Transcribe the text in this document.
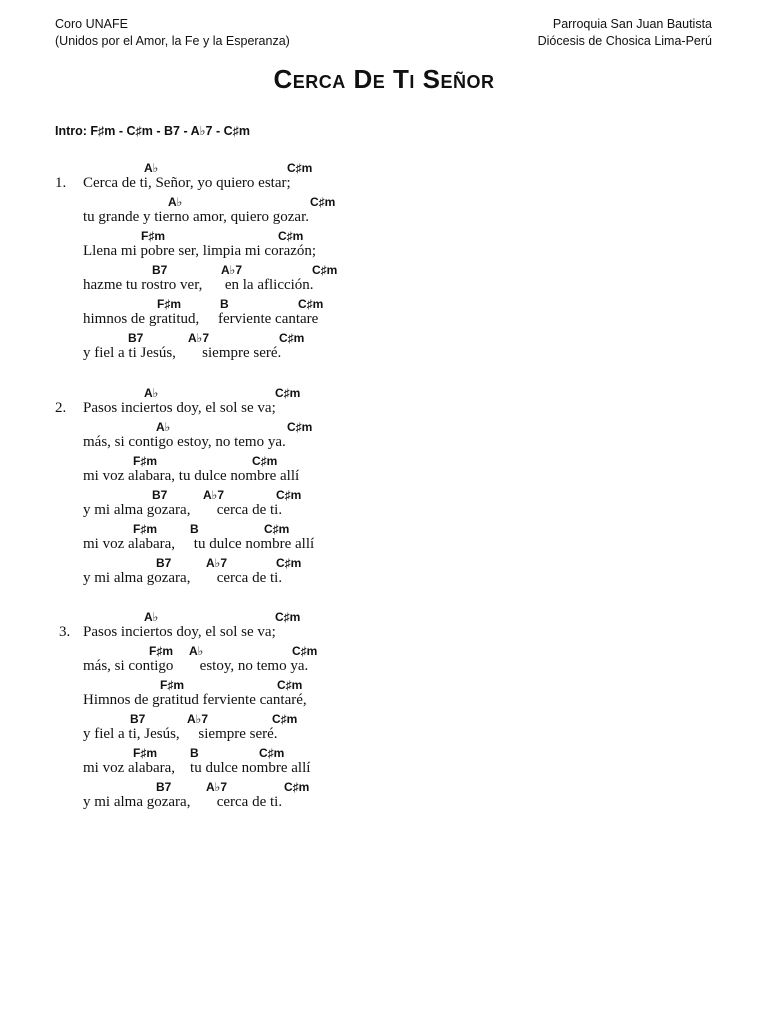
Coro UNAFE
(Unidos por el Amor, la Fe y la Esperanza)
Parroquia San Juan Bautista
Diócesis de Chosica Lima-Perú
Cerca De Ti Señor
Intro: F♯m - C♯m - B7 - A♭7 - C♯m
1.
A♭	C♯m
Cerca de ti, Señor, yo quiero estar;
A♭	C♯m
tu grande y tierno amor, quiero gozar.
F♯m	C♯m
Llena mi pobre ser, limpia mi corazón;
B7	A♭7	C♯m
hazme tu rostro ver,      en la aflicción.
F♯m	B	C♯m
himnos de gratitud,     ferviente cantare
B7	A♭7	C♯m
y fiel a ti Jesús,       siempre seré.
2.
A♭	C♯m
Pasos inciertos doy, el sol se va;
A♭	C♯m
más, si contigo estoy, no temo ya.
F♯m	C♯m
mi voz alabara, tu dulce nombre allí
B7	A♭7	C♯m
y mi alma gozara,       cerca de ti.
F♯m	B	C♯m
mi voz alabara,     tu dulce nombre allí
B7	A♭7	C♯m
y mi alma gozara,       cerca de ti.
3.
A♭	C♯m
Pasos inciertos doy, el sol se va;
F♯m A♭	C♯m
más, si contigo       estoy, no temo ya.
F♯m	C♯m
Himnos de gratitud ferviente cantaré,
B7	A♭7	C♯m
y fiel a ti, Jesús,     siempre seré.
F♯m	B	C♯m
mi voz alabara,    tu dulce nombre allí
B7	A♭7	C♯m
y mi alma gozara,       cerca de ti.
